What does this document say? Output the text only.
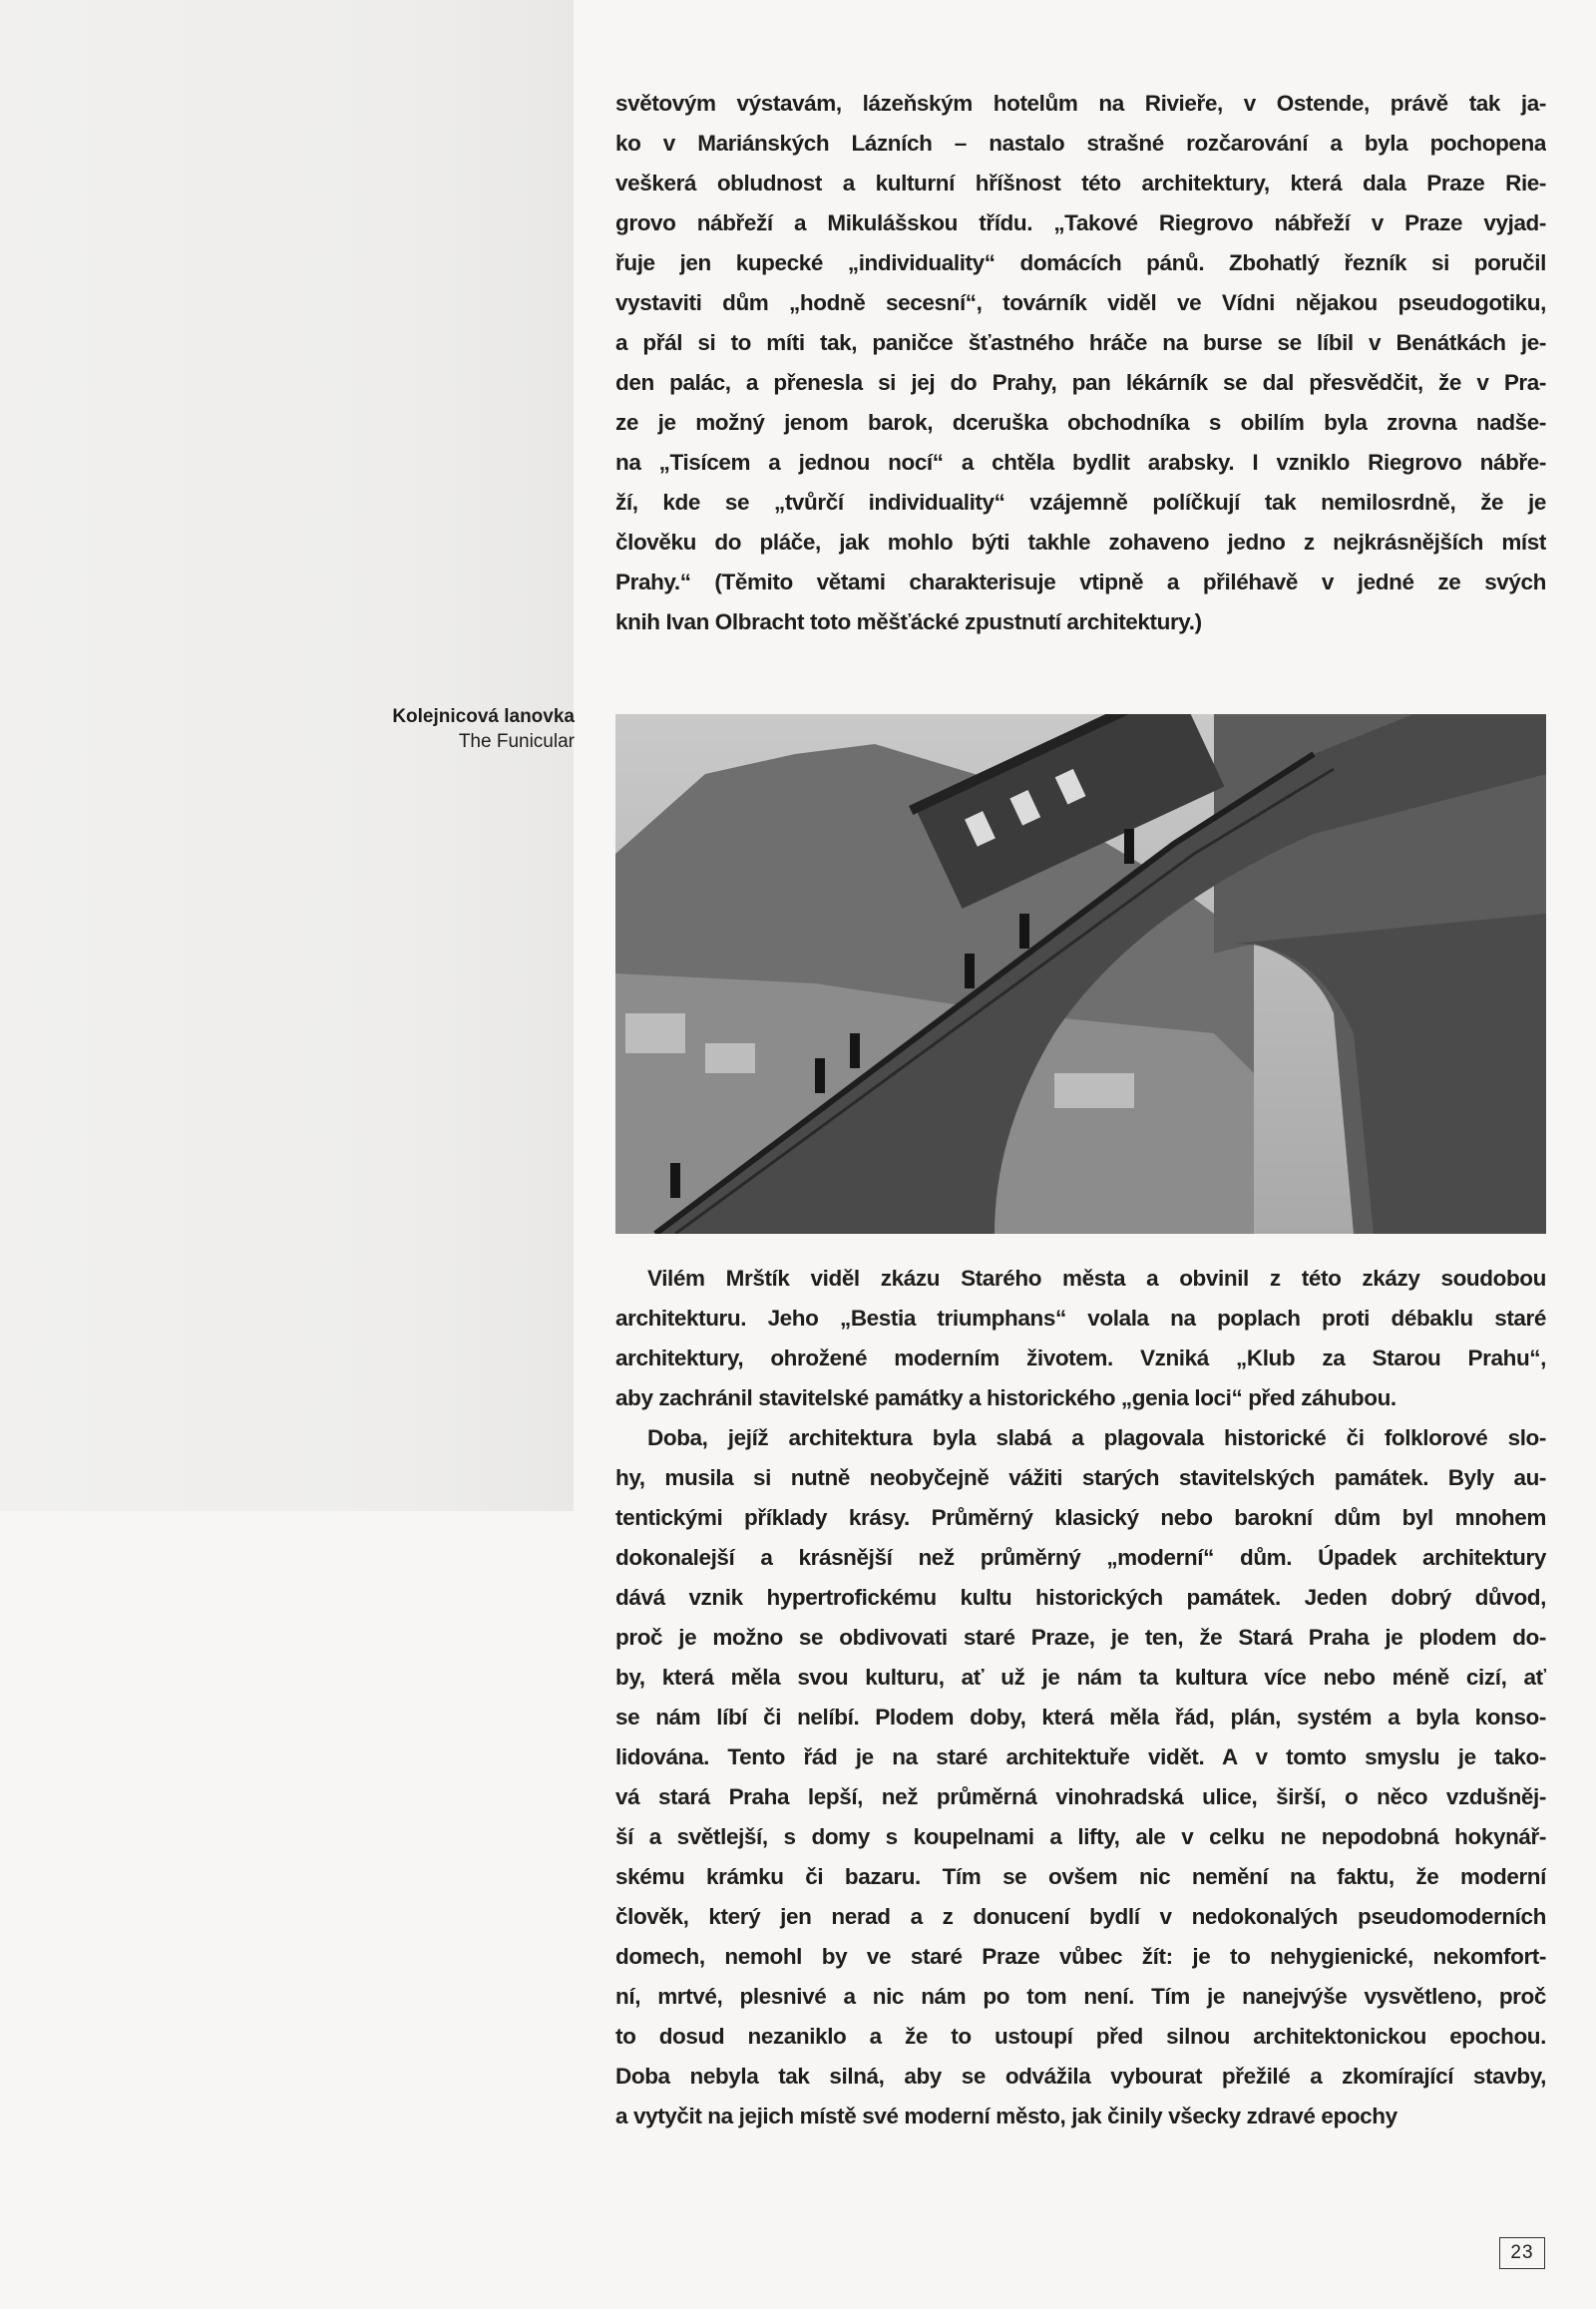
světovým výstavám, lázeňským hotelům na Rivieře, v Ostende, právě tak ja-
ko v Mariánských Lázních – nastalo strašné rozčarování a byla pochopena
veškerá obludnost a kulturní hříšnost této architektury, která dala Praze Rie-
grovo nábřeží a Mikulášskou třídu. „Takové Riegrovo nábřeží v Praze vyjad-
řuje jen kupecké „individuality“ domácích pánů. Zbohatlý řezník si poručil
vystaviti dům „hodně secesní“, továrník viděl ve Vídni nějakou pseudogotiku,
a přál si to míti tak, paničce šťastného hráče na burse se líbil v Benátkách je-
den palác, a přenesla si jej do Prahy, pan lékárník se dal přesvědčit, že v Pra-
ze je možný jenom barok, dceruška obchodníka s obilím byla zrovna nadše-
na „Tisícem a jednou nocí“ a chtěla bydlit arabsky. I vzniklo Riegrovo nábře-
ží, kde se „tvůrčí individuality“ vzájemně políčkují tak nemilosrdně, že je
člověku do pláče, jak mohlo býti takhle zohaveno jedno z nejkrásnějších míst
Prahy.“ (Těmito větami charakterisuje vtipně a přiléhavě v jedné ze svých
knih Ivan Olbracht toto měšťácké zpustnutí architektury.)
Kolejnicová lanovka
The Funicular
Vilém Mrštík viděl zkázu Starého města a obvinil z této zkázy soudobou
architekturu. Jeho „Bestia triumphans“ volala na poplach proti débaklu staré
architektury, ohrožené moderním životem. Vzniká „Klub za Starou Prahu“,
aby zachránil stavitelské památky a historického „genia loci“ před záhubou.
Doba, jejíž architektura byla slabá a plagovala historické či folklorové slo-
hy, musila si nutně neobyčejně vážiti starých stavitelských památek. Byly au-
tentickými příklady krásy. Průměrný klasický nebo barokní dům byl mnohem
dokonalejší a krásnější než průměrný „moderní“ dům. Úpadek architektury
dává vznik hypertrofickému kultu historických památek. Jeden dobrý důvod,
proč je možno se obdivovati staré Praze, je ten, že Stará Praha je plodem do-
by, která měla svou kulturu, ať už je nám ta kultura více nebo méně cizí, ať
se nám líbí či nelíbí. Plodem doby, která měla řád, plán, systém a byla konso-
lidována. Tento řád je na staré architektuře vidět. A v tomto smyslu je tako-
vá stará Praha lepší, než průměrná vinohradská ulice, širší, o něco vzdušněj-
ší a světlejší, s domy s koupelnami a lifty, ale v celku ne nepodobná hokynář-
skému krámku či bazaru. Tím se ovšem nic nemění na faktu, že moderní
člověk, který jen nerad a z donucení bydlí v nedokonalých pseudomoderních
domech, nemohl by ve staré Praze vůbec žít: je to nehygienické, nekomfort-
ní, mrtvé, plesnivé a nic nám po tom není. Tím je nanejvýše vysvětleno, proč
to dosud nezaniklo a že to ustoupí před silnou architektonickou epochou.
Doba nebyla tak silná, aby se odvážila vybourat přežilé a zkomírající stavby,
a vytyčit na jejich místě své moderní město, jak činily všecky zdravé epochy
23
